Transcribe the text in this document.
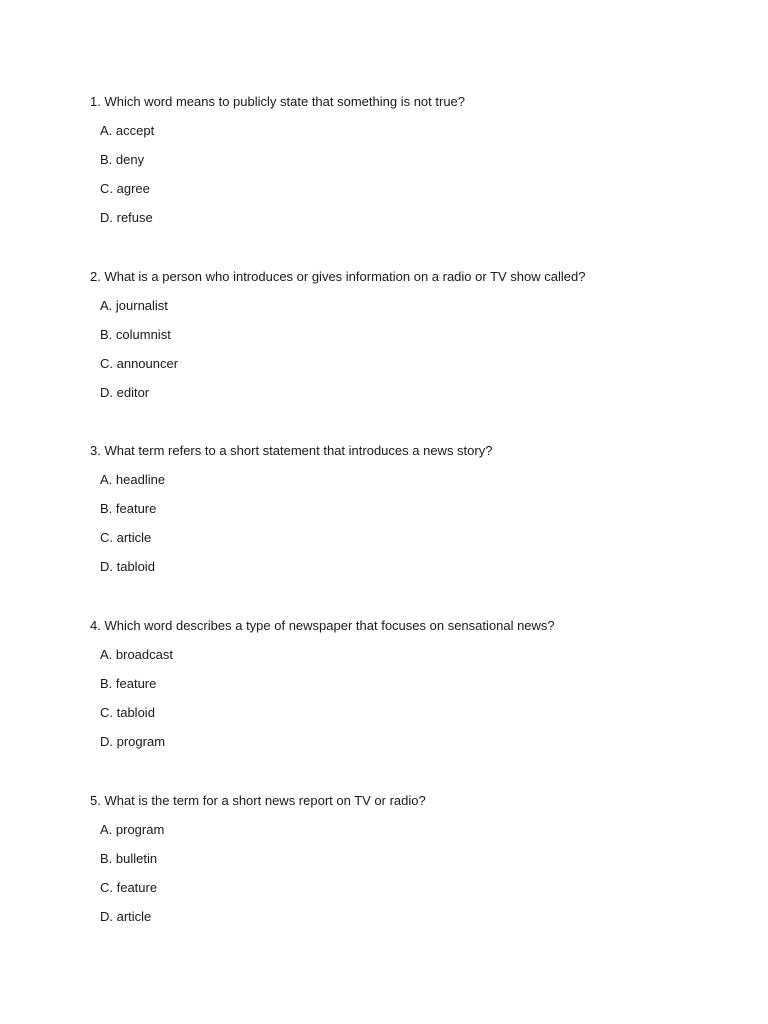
1. Which word means to publicly state that something is not true?

A. accept

B. deny

C. agree

D. refuse

2. What is a person who introduces or gives information on a radio or TV show called?

A. journalist

B. columnist

C. announcer

D. editor

3. What term refers to a short statement that introduces a news story?

A. headline

B. feature

C. article

D. tabloid

4. Which word describes a type of newspaper that focuses on sensational news?

A. broadcast

B. feature

C. tabloid

D. program

5. What is the term for a short news report on TV or radio?

A. program

B. bulletin

C. feature

D. article
